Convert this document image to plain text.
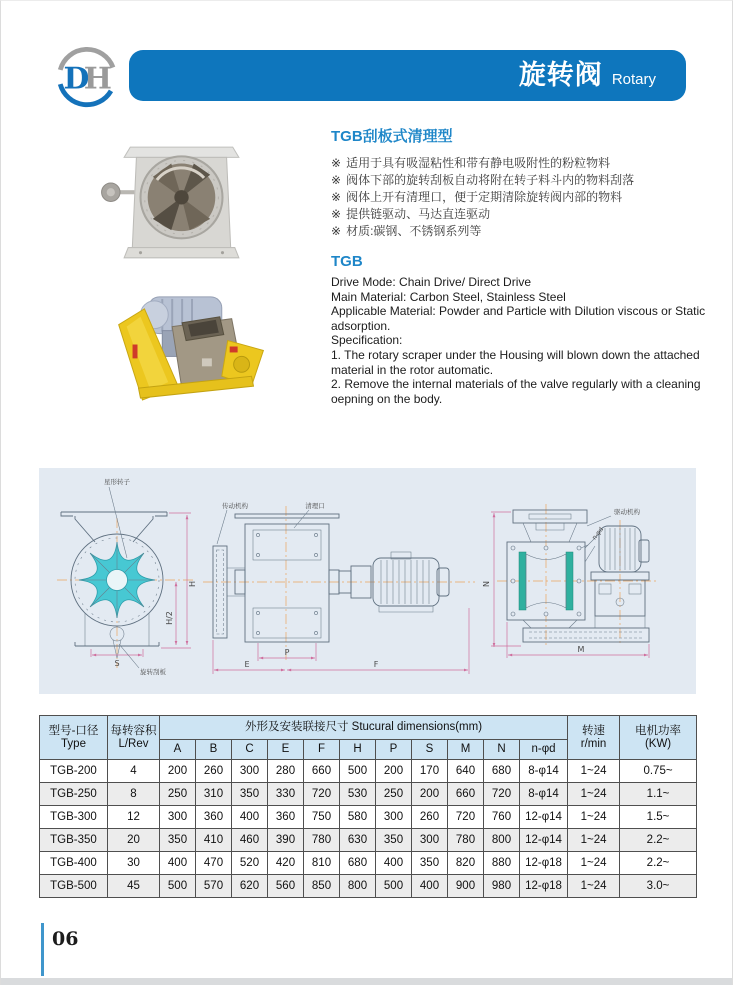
D
H	旋转阀 Rotary
TGB刮板式清理型
※ 适用于具有吸湿粘性和带有静电吸附性的粉粒物料
※ 阀体下部的旋转刮板自动将附在转子料斗内的物料刮落
※ 阀体上开有清理口，便于定期清除旋转阀内部的物料
※ 提供链驱动、马达直连驱动
※ 材质:碳钢、不锈钢系列等
TGB

Drive Mode: Chain Drive/ Direct Drive

Main Material: Carbon Steel, Stainless Steel

Applicable Material: Powder and Particle with Dilution viscous or Static adsorption.

Specification:

1. The rotary scraper under the Housing will blown down the attached material in the rotor automatic.

2. Remove the internal materials of the valve regularly with a cleaning oepning on the body.

H
H/2
S
星形转子
旋转刮板
传动机构	清理口
P
E	F
驱动机构
n-φd
N
M
型号-口径
Type	每转容积
L/Rev	外形及安装联接尺寸 Stucural dimensions(mm)											转速
r/min	电机功率
(KW)
		A	B	C	E	F	H	P	S	M	N	n-φd		
TGB-200	4	200	260	300	280	660	500	200	170	640	680	8-φ14	1~24	0.75~
TGB-250	8	250	310	350	330	720	530	250	200	660	720	8-φ14	1~24	1.1~
TGB-300	12	300	360	400	360	750	580	300	260	720	760	12-φ14	1~24	1.5~
TGB-350	20	350	410	460	390	780	630	350	300	780	800	12-φ14	1~24	2.2~
TGB-400	30	400	470	520	420	810	680	400	350	820	880	12-φ18	1~24	2.2~
TGB-500	45	500	570	620	560	850	800	500	400	900	980	12-φ18	1~24	3.0~
06
